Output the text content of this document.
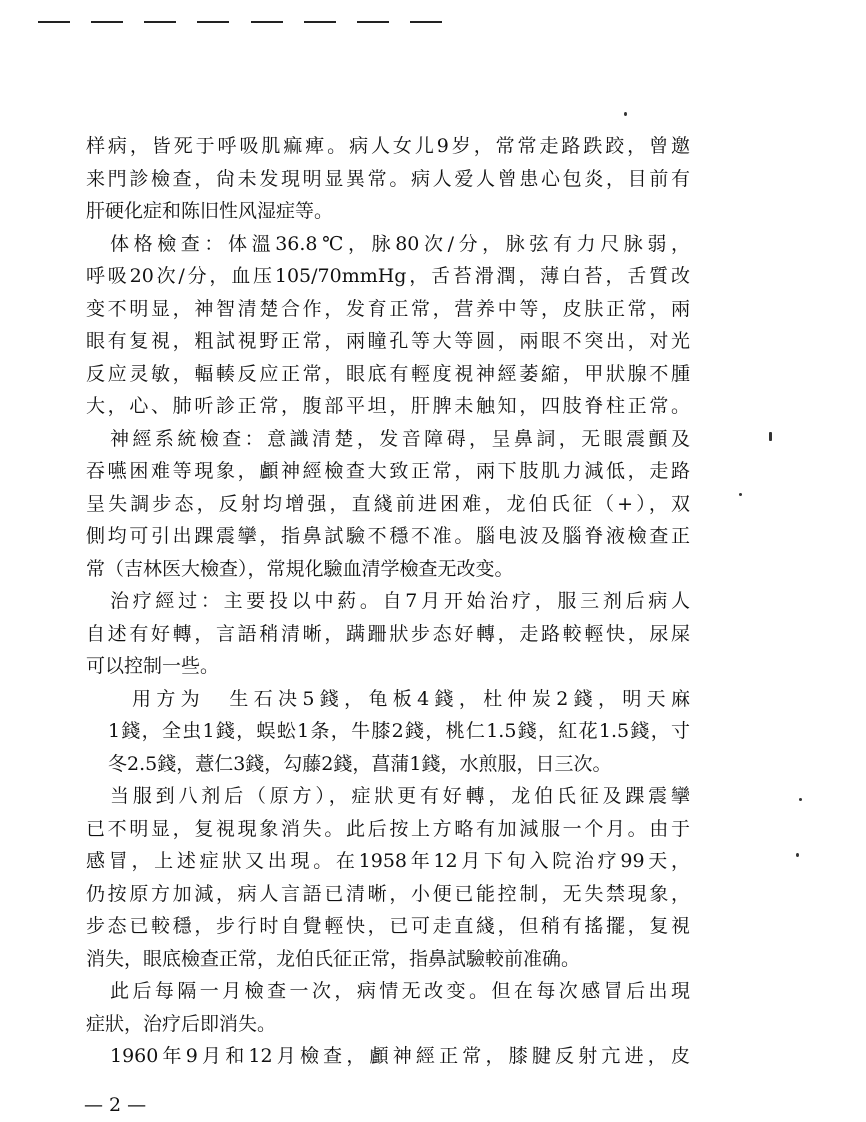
样病，皆死于呼吸肌痲痺。病人女儿9岁，常常走路跌跤，曾邀
来門診檢查，尙未发現明显異常。病人爱人曾患心包炎，目前有
肝硬化症和陈旧性风湿症等。
体格檢查：体溫36.8℃，脉80次/分，脉弦有力尺脉弱，
呼吸20次/分，血压105/70mmHg，舌苔滑潤，薄白苔，舌質改
变不明显，神智清楚合作，发育正常，营养中等，皮肤正常，兩
眼有复視，粗試視野正常，兩瞳孔等大等圆，兩眼不突出，对光
反应灵敏，輻輳反应正常，眼底有輕度視神經萎縮，甲狀腺不腫
大，心、肺听診正常，腹部平坦，肝脾未触知，四肢脊柱正常。
神經系統檢查：意識清楚，发音障碍，呈鼻詞，无眼震顫及
吞嚥困难等現象，顱神經檢查大致正常，兩下肢肌力減低，走路
呈失調步态，反射均增强，直綫前进困难，龙伯氏征（+），双
側均可引出踝震攣，指鼻試驗不穩不准。腦电波及腦脊液檢查正
常（吉林医大檢查），常規化驗血清学檢查无改变。
治疗經过：主要投以中葯。自7月开始治疗，服三剂后病人
自述有好轉，言語稍清晰，蹒跚狀步态好轉，走路較輕快，尿屎
可以控制一些。
用方为　生石决5錢，龟板4錢，杜仲炭2錢，明天麻
1錢，全虫1錢，蜈蚣1条，牛膝2錢，桃仁1.5錢，紅花1.5錢，寸
冬2.5錢，薏仁3錢，勾藤2錢，菖蒲1錢，水煎服，日三次。
当服到八剂后（原方），症狀更有好轉，龙伯氏征及踝震攣
已不明显，复視現象消失。此后按上方略有加減服一个月。由于
感冒，上述症狀又出現。在1958年12月下旬入院治疗99天，
仍按原方加減，病人言語已清晰，小便已能控制，无失禁現象，
步态已較穩，步行时自覺輕快，已可走直綫，但稍有搖擺，复視
消失，眼底檢查正常，龙伯氏征正常，指鼻試驗較前准确。
此后每隔一月檢查一次，病情无改变。但在每次感冒后出現
症狀，治疗后即消失。
1960年9月和12月檢查，顱神經正常，膝腱反射亢进，皮
— 2 —
